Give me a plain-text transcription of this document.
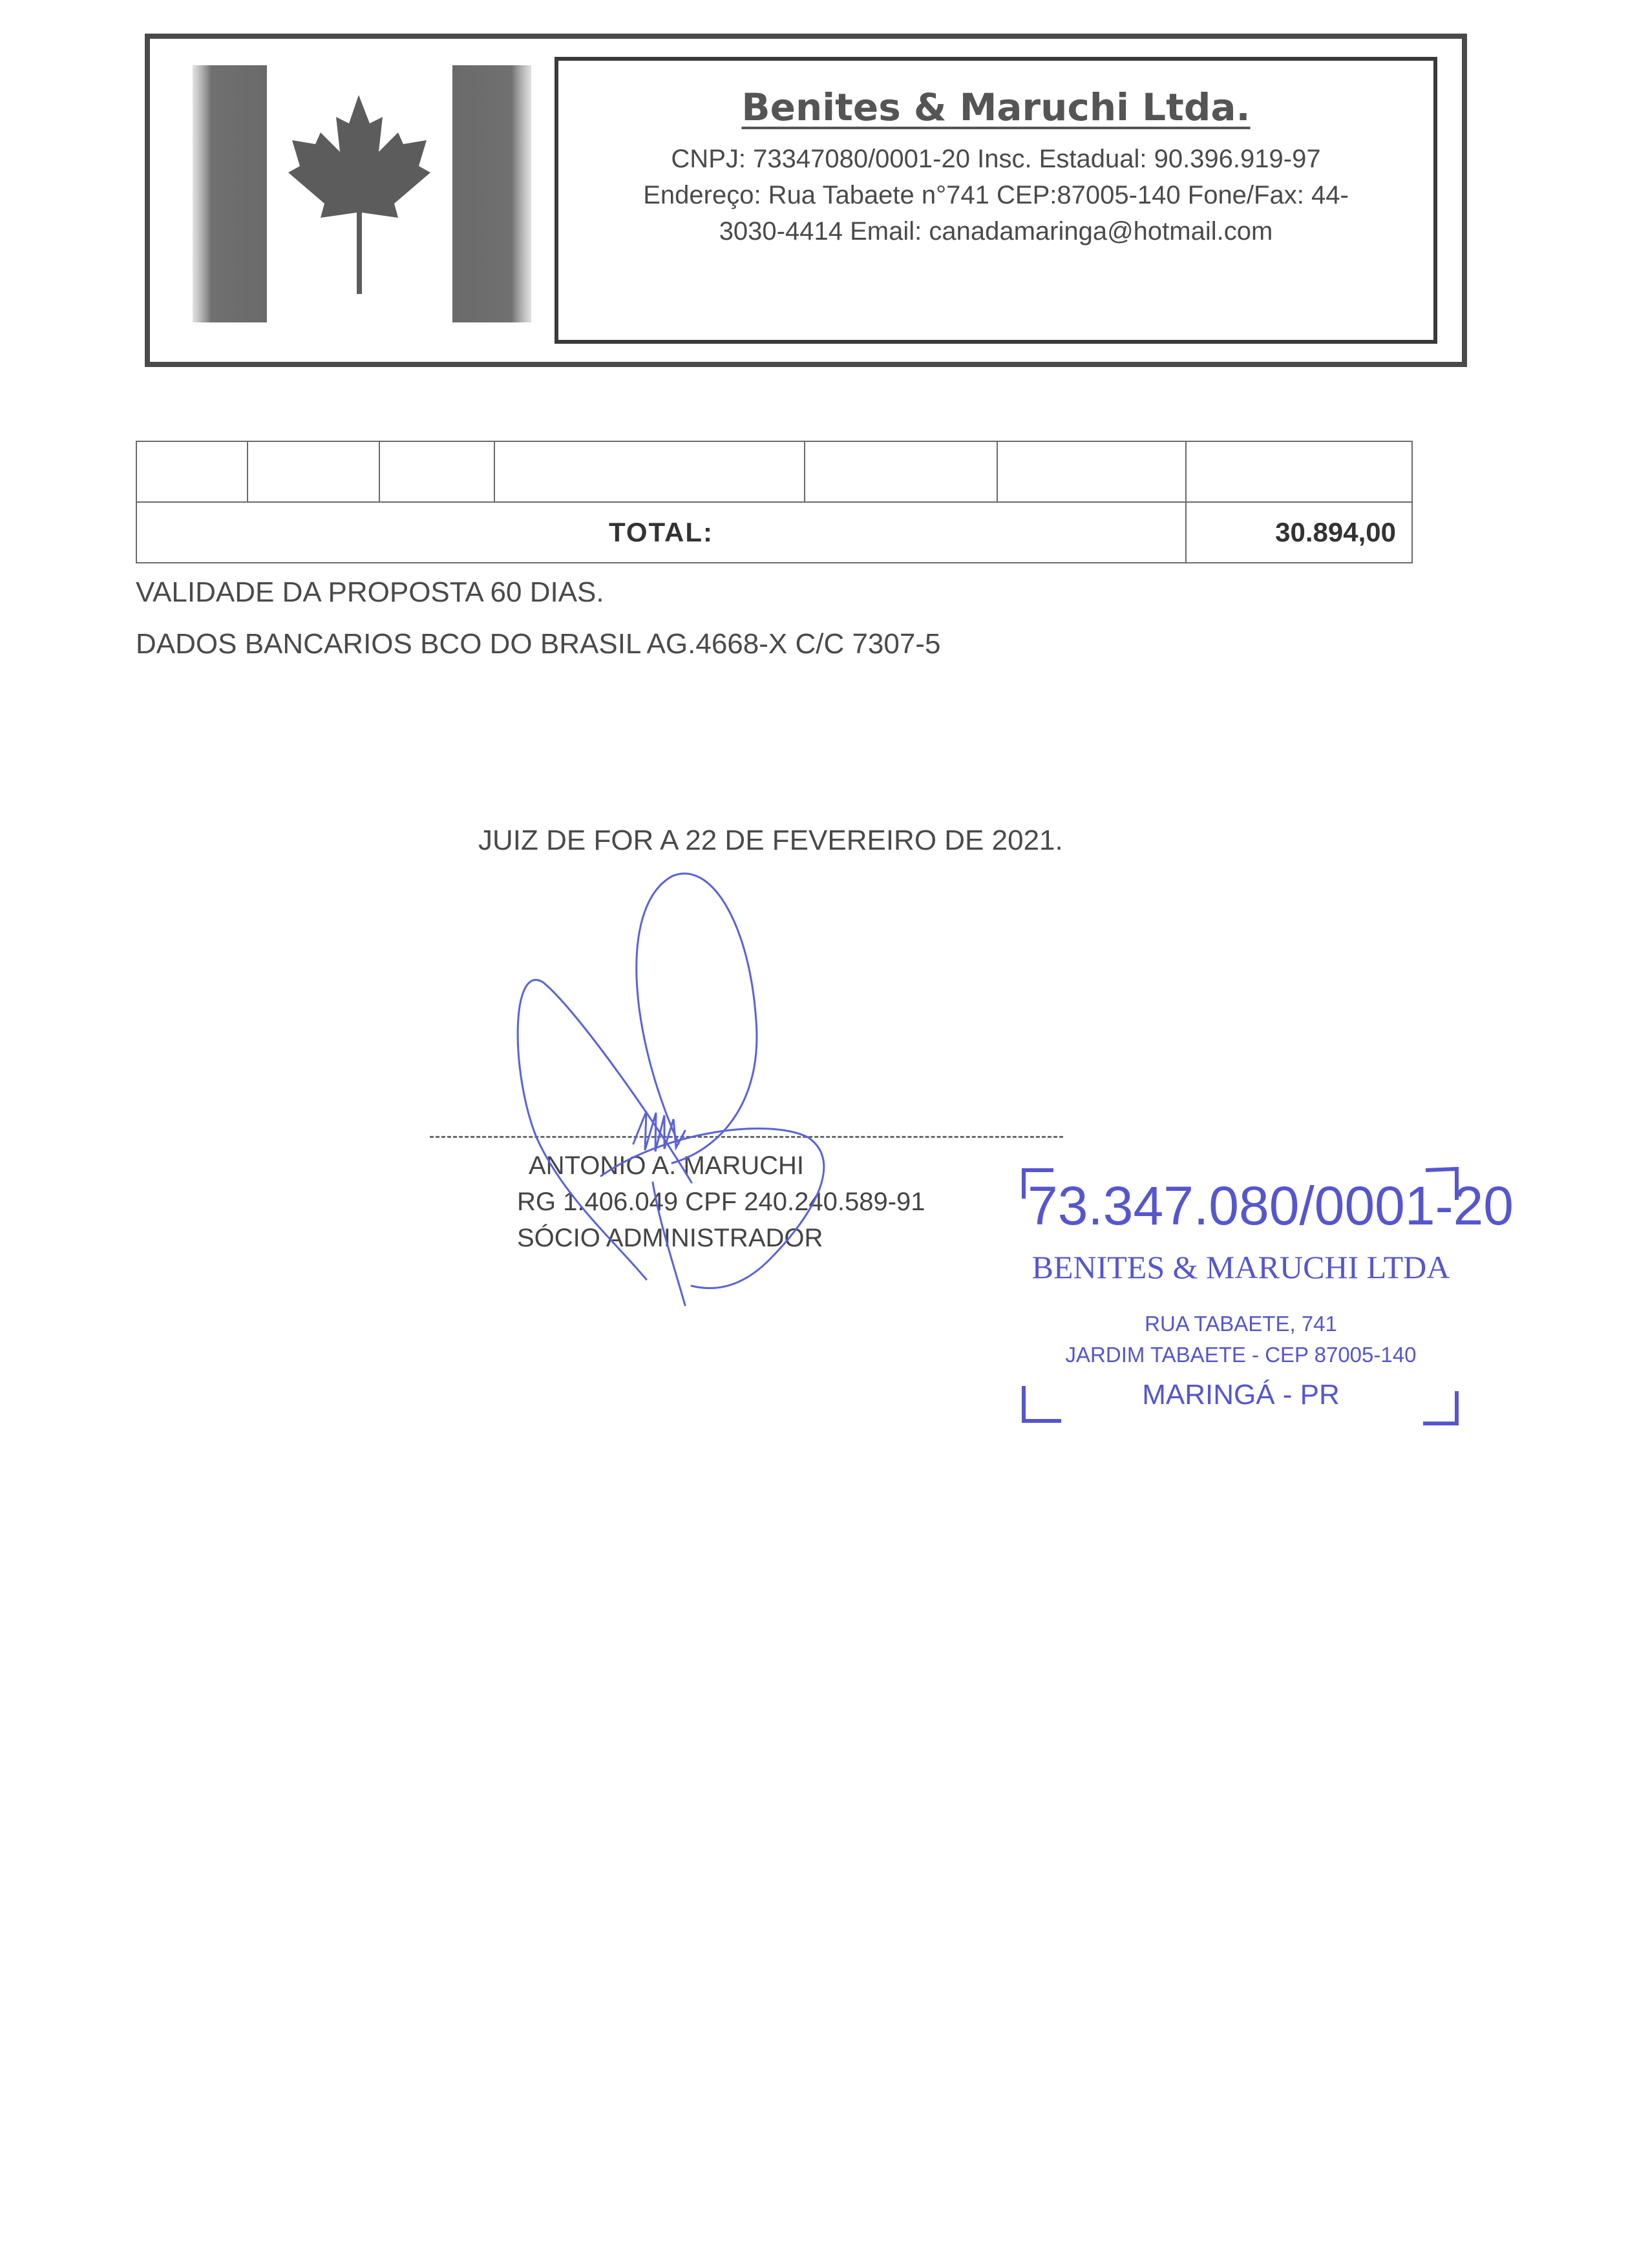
Benites & Maruchi Ltda.
CNPJ: 73347080/0001-20 Insc. Estadual: 90.396.919-97
Endereço: Rua Tabaete n°741 CEP:87005-140 Fone/Fax: 44-
3030-4414 Email: canadamaringa@hotmail.com

TOTAL:						30.894,00
VALIDADE DA PROPOSTA 60 DIAS.
DADOS BANCARIOS BCO DO BRASIL AG.4668-X C/C 7307-5
JUIZ DE FOR A 22 DE FEVEREIRO DE 2021.
ANTONIO A. MARUCHI
RG 1.406.049 CPF 240.240.589-91
SÓCIO ADMINISTRADOR
73.347.080/0001-20
BENITES & MARUCHI LTDA
RUA TABAETE, 741
JARDIM TABAETE - CEP 87005-140
MARINGÁ - PR
